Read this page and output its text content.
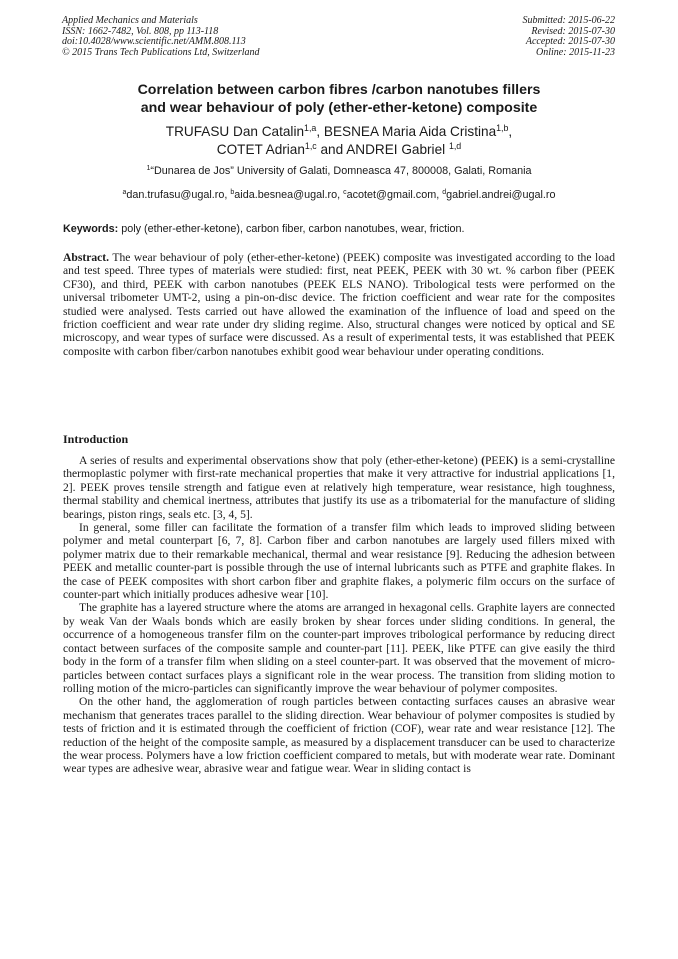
Applied Mechanics and Materials
ISSN: 1662-7482, Vol. 808, pp 113-118
doi:10.4028/www.scientific.net/AMM.808.113
© 2015 Trans Tech Publications Ltd, Switzerland
Submitted: 2015-06-22
Revised: 2015-07-30
Accepted: 2015-07-30
Online: 2015-11-23
Correlation between carbon fibres /carbon nanotubes fillers
and wear behaviour of poly (ether-ether-ketone) composite
TRUFASU Dan Catalin$^{1,a}$, BESNEA Maria Aida Cristina$^{1,b}$,
COTET Adrian$^{1,c}$ and ANDREI Gabriel $^{1,d}$
$^1$“Dunarea de Jos” University of Galati, Domneasca 47, 800008, Galati, Romania
$^a$dan.trufasu@ugal.ro, $^b$aida.besnea@ugal.ro, $^c$acotet@gmail.com, $^d$gabriel.andrei@ugal.ro
Keywords: poly (ether-ether-ketone), carbon fiber, carbon nanotubes, wear, friction.
Abstract. The wear behaviour of poly (ether-ether-ketone) (PEEK) composite was investigated according to the load and test speed. Three types of materials were studied: first, neat PEEK, PEEK with 30 wt. % carbon fiber (PEEK CF30), and third, PEEK with carbon nanotubes (PEEK ELS NANO). Tribological tests were performed on the universal tribometer UMT-2, using a pin-on-disc device. The friction coefficient and wear rate for the composites studied were analysed. Tests carried out have allowed the examination of the influence of load and speed on the friction coefficient and wear rate under dry sliding regime. Also, structural changes were noticed by optical and SE microscopy, and wear types of surface were discussed. As a result of experimental tests, it was established that PEEK composite with carbon fiber/carbon nanotubes exhibit good wear behaviour under operating conditions.
Introduction

A series of results and experimental observations show that poly (ether-ether-ketone) (PEEK) is a semi-crystalline thermoplastic polymer with first-rate mechanical properties that make it very attractive for industrial applications [1, 2]. PEEK proves tensile strength and fatigue even at relatively high temperature, wear resistance, high toughness, thermal stability and chemical inertness, attributes that justify its use as a tribomaterial for the manufacture of sliding bearings, piston rings, seals etc. [3, 4, 5].

In general, some filler can facilitate the formation of a transfer film which leads to improved sliding between polymer and metal counterpart [6, 7, 8]. Carbon fiber and carbon nanotubes are largely used fillers mixed with polymer matrix due to their remarkable mechanical, thermal and wear resistance [9]. Reducing the adhesion between PEEK and metallic counter-part is possible through the use of internal lubricants such as PTFE and graphite flakes. In the case of PEEK composites with short carbon fiber and graphite flakes, a polymeric film occurs on the surface of counter-part which initially produces adhesive wear [10].

The graphite has a layered structure where the atoms are arranged in hexagonal cells. Graphite layers are connected by weak Van der Waals bonds which are easily broken by shear forces under sliding conditions. In general, the occurrence of a homogeneous transfer film on the counter-part improves tribological performance by reducing direct contact between surfaces of the composite sample and counter-part [11]. PEEK, like PTFE can give easily the third body in the form of a transfer film when sliding on a steel counter-part. It was observed that the movement of micro-particles between contact surfaces plays a significant role in the wear process. The transition from sliding motion to rolling motion of the micro-particles can significantly improve the wear behaviour of polymer composites.

On the other hand, the agglomeration of rough particles between contacting surfaces causes an abrasive wear mechanism that generates traces parallel to the sliding direction. Wear behaviour of polymer composites is studied by tests of friction and it is estimated through the coefficient of friction (COF), wear rate and wear resistance [12]. The reduction of the height of the composite sample, as measured by a displacement transducer can be used to characterize the wear process. Polymers have a low friction coefficient compared to metals, but with moderate wear rate. Dominant wear types are adhesive wear, abrasive wear and fatigue wear. Wear in sliding contact is
